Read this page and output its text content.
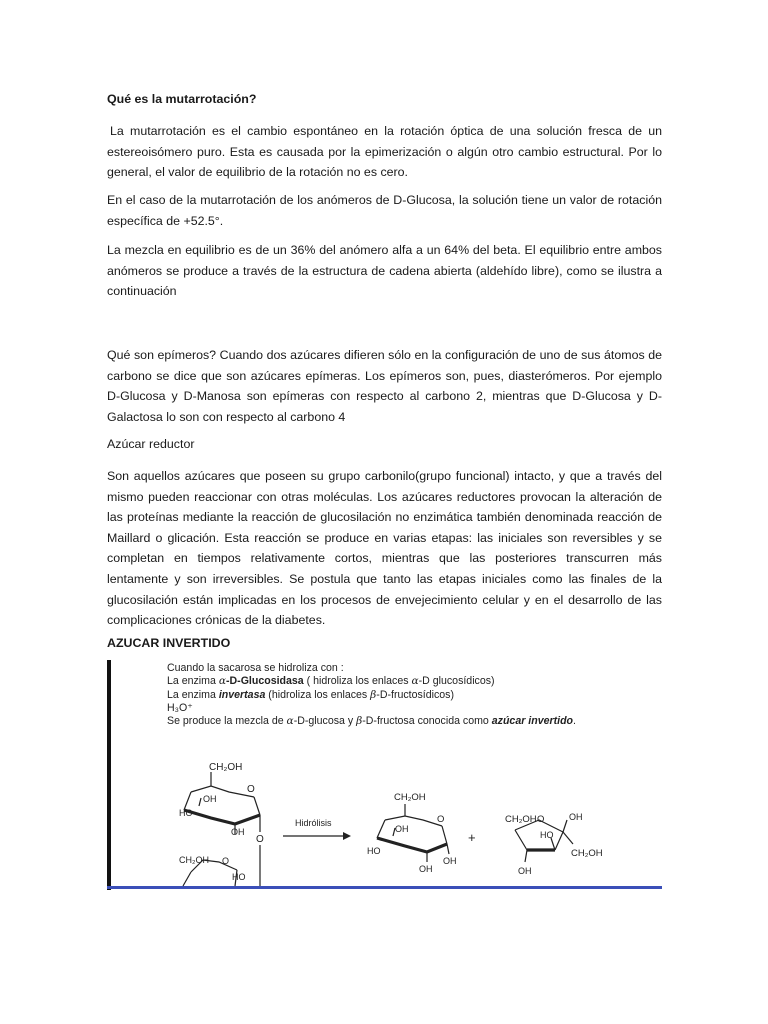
Qué es la mutarrotación?
La mutarrotación es el cambio espontáneo en la rotación óptica de una solución fresca de un estereoisómero puro. Esta es causada por la epimerización o algún otro cambio estructural. Por lo general, el valor de equilibrio de la rotación no es cero.
En el caso de la mutarrotación de los anómeros de D-Glucosa, la solución tiene un valor de rotación específica de +52.5°.
La mezcla en equilibrio es de un 36% del anómero alfa a un 64% del beta. El equilibrio entre ambos anómeros se produce a través de la estructura de cadena abierta (aldehído libre), como se ilustra a continuación
Qué son epímeros? Cuando dos azúcares difieren sólo en la configuración de uno de sus átomos de carbono se dice que son azúcares epímeras. Los epímeros son, pues, diasterómeros. Por ejemplo D-Glucosa y D-Manosa son epímeras con respecto al carbono 2, mientras que D-Glucosa y D-Galactosa lo son con respecto al carbono 4
Azúcar reductor
Son aquellos azúcares que poseen su grupo carbonilo(grupo funcional) intacto, y que a través del mismo pueden reaccionar con otras moléculas. Los azúcares reductores provocan la alteración de las proteínas mediante la reacción de glucosilación no enzimática también denominada reacción de Maillard o glicación. Esta reacción se produce en varias etapas: las iniciales son reversibles y se completan en tiempos relativamente cortos, mientras que las posteriores transcurren más lentamente y son irreversibles. Se postula que tanto las etapas iniciales como las finales de la glucosilación están implicadas en los procesos de envejecimiento celular y en el desarrollo de las complicaciones crónicas de la diabetes.
AZUCAR INVERTIDO
CH₂OH
O
OH
HO
OH
O
CH₂OH O
HO
Hidrólisis
CH₂OH
O
OH
HO
OH
OH
+
CH₂OH O	OH
HO
CH₂OH
OH
Cuando la sacarosa se hidroliza con :
La enzima α-D-Glucosidasa ( hidroliza los enlaces α-D glucosídicos)
La enzima invertasa (hidroliza los enlaces β-D-fructosídicos)
H₃O⁺
Se produce la mezcla de α-D-glucosa y β-D-fructosa conocida como azúcar invertido.
